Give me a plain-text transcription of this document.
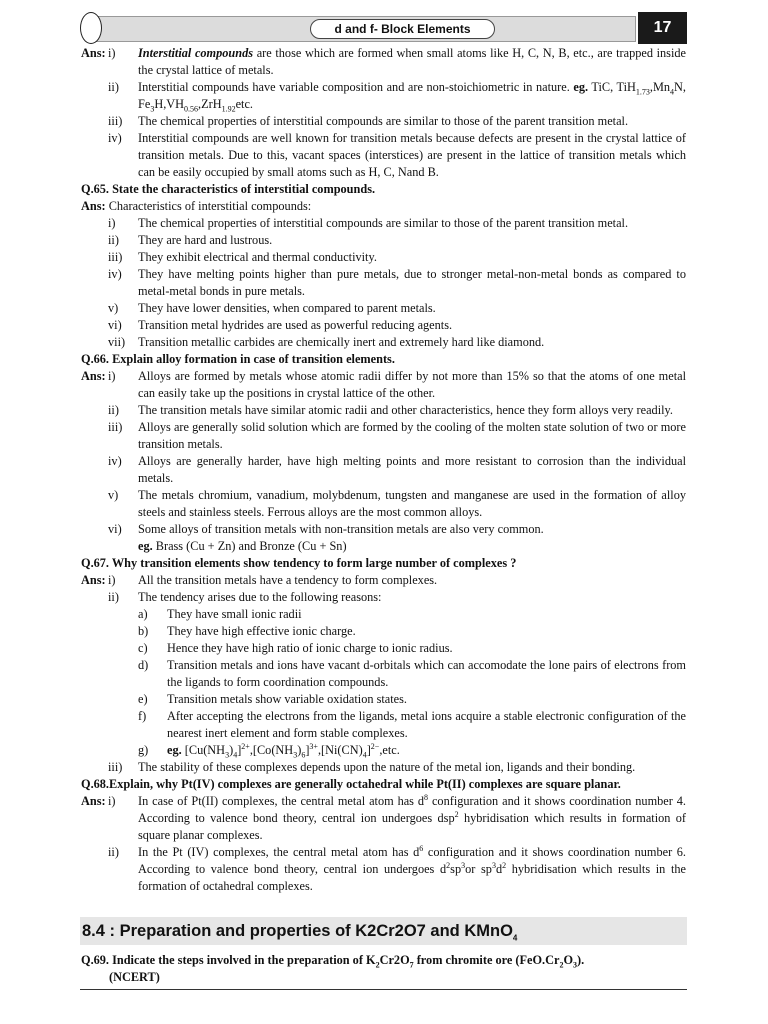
d and f- Block Elements	17
Ans: i) Interstitial compounds are those which are formed when small atoms like H, C, N, B, etc., are trapped inside the crystal lattice of metals.

ii) Interstitial compounds have variable composition and are non-stoichiometric in nature. eg. TiC, $TiH_{1.73},Mn_4N$, $Fe_3H,VH_{0.56},ZrH_{1.92}etc$.

iii) The chemical properties of interstitial compounds are similar to those of the parent transition metal.

iv) Interstitial compounds are well known for transition metals because defects are present in the crystal lattice of transition metals. Due to this, vacant spaces (interstices) are present in the lattice of transition metals which can be easily occupied by small atoms such as H, C, Nand B.

Q.65. State the characteristics of interstitial compounds.

Ans: Characteristics of interstitial compounds:

i) The chemical properties of interstitial compounds are similar to those of the parent transition metal.

ii) They are hard and lustrous.

iii) They exhibit electrical and thermal conductivity.

iv) They have melting points higher than pure metals, due to stronger metal-non-metal bonds as compared to metal-metal bonds in pure metals.

v) They have lower densities, when compared to parent metals.

vi) Transition metal hydrides are used as powerful reducing agents.

vii) Transition metallic carbides are chemically inert and extremely hard like diamond.

Q.66. Explain alloy formation in case of transition elements.

Ans: i) Alloys are formed by metals whose atomic radii differ by not more than 15% so that the atoms of one metal can easily take up the positions in crystal lattice of the other.

ii) The transition metals have similar atomic radii and other characteristics, hence they form alloys very readily.

iii) Alloys are generally solid solution which are formed by the cooling of the molten state solution of two or more transition metals.

iv) Alloys are generally harder, have high melting points and more resistant to corrosion than the individual metals.

v) The metals chromium, vanadium, molybdenum, tungsten and manganese are used in the formation of alloy steels and stainless steels. Ferrous alloys are the most common alloys.

vi) Some alloys of transition metals with non-transition metals are also very common.

eg. Brass (Cu + Zn) and Bronze (Cu + Sn)

Q.67. Why transition elements show tendency to form large number of complexes ?

Ans: i) All the transition metals have a tendency to form complexes.

ii) The tendency arises due to the following reasons:

a) They have small ionic radii

b) They have high effective ionic charge.

c) Hence they have high ratio of ionic charge to ionic radius.

d) Transition metals and ions have vacant d-orbitals which can accomodate the lone pairs of electrons from the ligands to form coordination compounds.

e) Transition metals show variable oxidation states.

f) After accepting the electrons from the ligands, metal ions acquire a stable electronic configuration of the nearest inert element and form stable complexes.

g) eg. $[Cu(NH_3)_4]^{2+},[Co(NH_3)_6]^{3+},[Ni(CN)_4]^{2-},etc$.

iii) The stability of these complexes depends upon the nature of the metal ion, ligands and their bonding.

Q.68.Explain, why Pt(IV) complexes are generally octahedral while Pt(II) complexes are square planar.

Ans: i) In case of Pt(II) complexes, the central metal atom has $d^8$ configuration and it shows coordination number 4. According to valence bond theory, central ion undergoes dsp$^2$ hybridisation which results in formation of square planar complexes.

ii) In the Pt (IV) complexes, the central metal atom has $d^6$ configuration and it shows coordination number 6. According to valence bond theory, central ion undergoes $d^2sp^3or$ $sp^3d^2$ hybridisation which results in the formation of octahedral complexes.

8.4 : Preparation and properties of K2Cr2O7 and KMnO$_4$
Q.69. Indicate the steps involved in the preparation of $K_2Cr2O_7$ from chromite ore $(FeO.Cr_2O_3)$.
(NCERT)
